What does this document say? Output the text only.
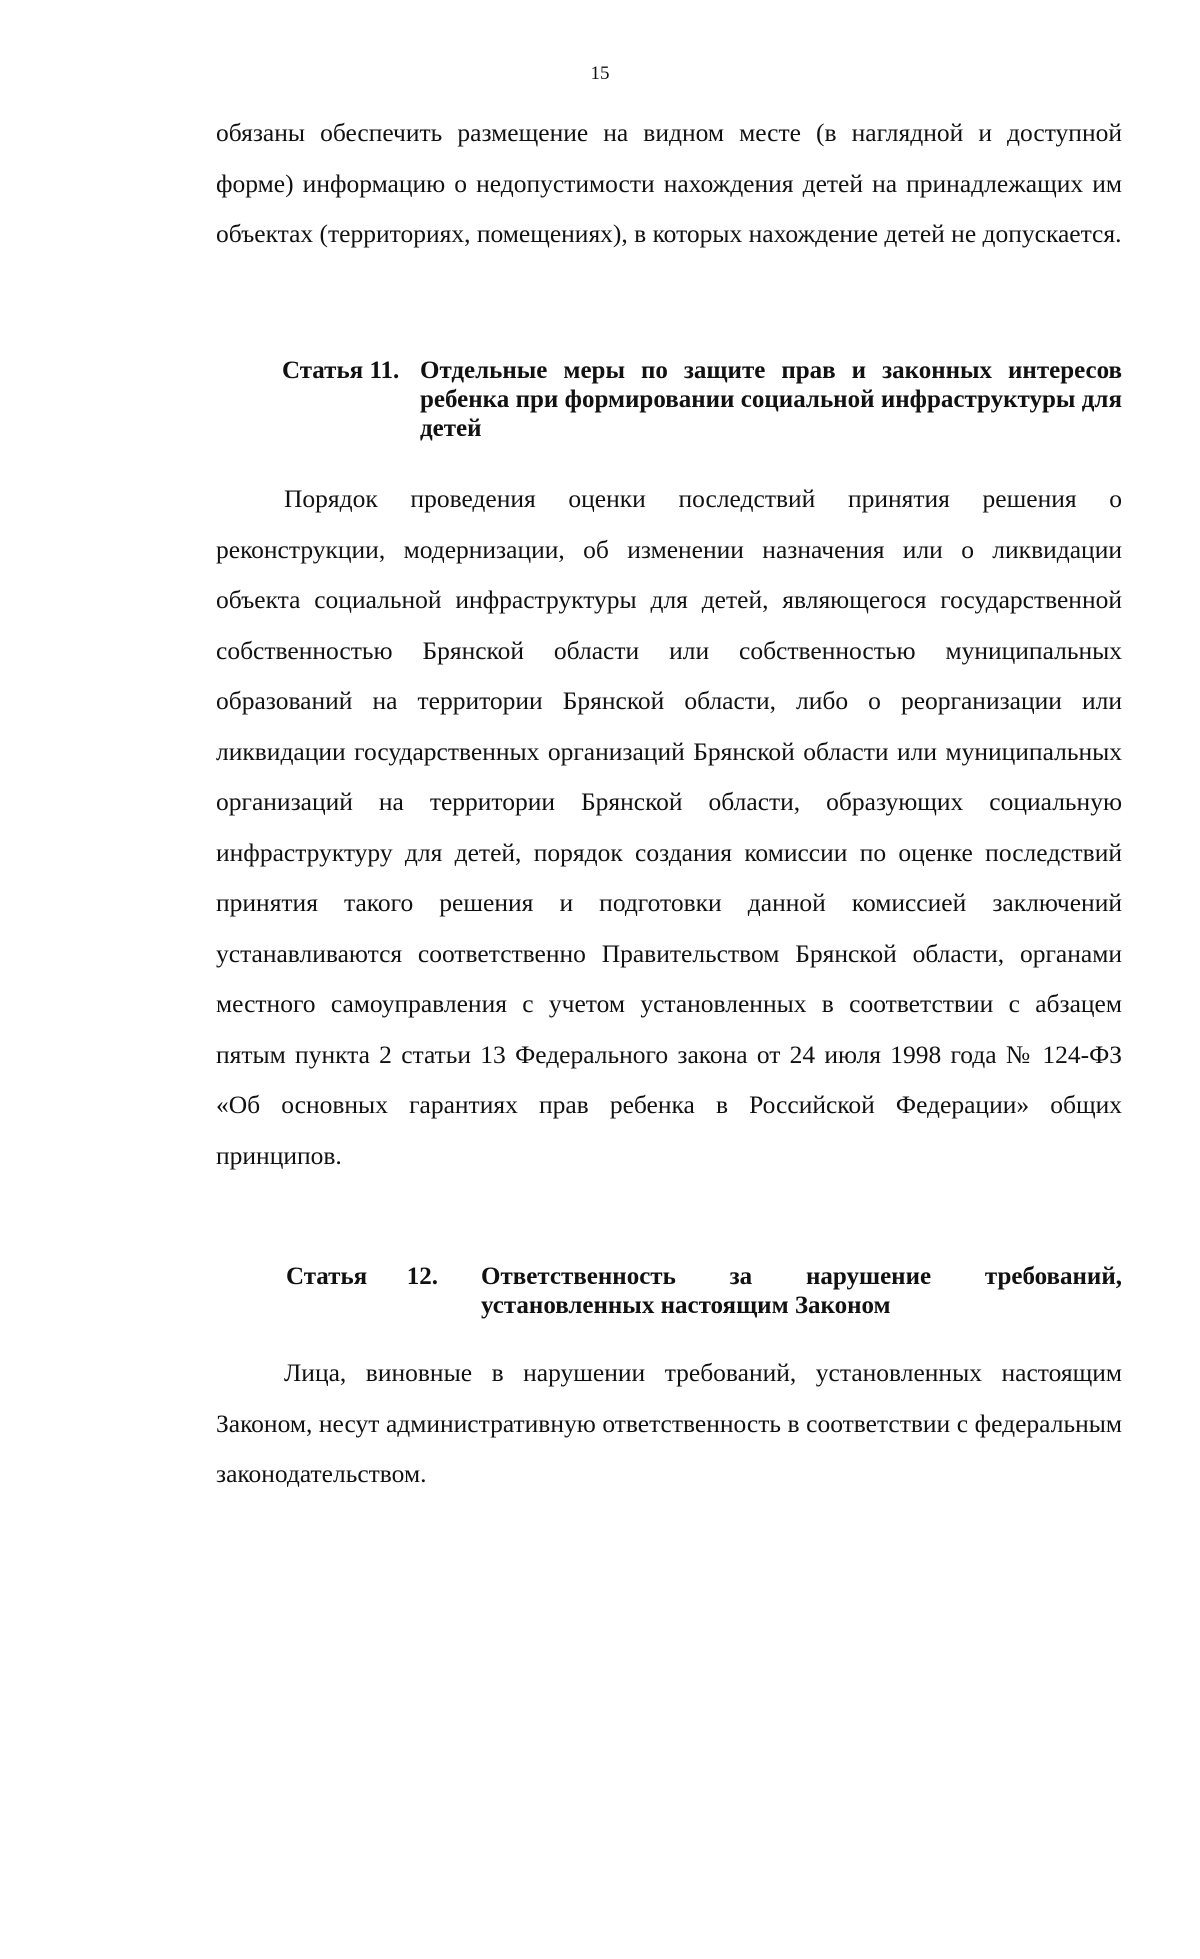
15

обязаны обеспечить размещение на видном месте (в наглядной и доступной форме) информацию о недопустимости нахождения детей на принадлежащих им объектах (территориях, помещениях), в которых нахождение детей не допускается.

Статья 11. Отдельные меры по защите прав и законных интересов ребенка при формировании социальной инфраструктуры для детей

Порядок проведения оценки последствий принятия решения о реконструкции, модернизации, об изменении назначения или о ликвидации объекта социальной инфраструктуры для детей, являющегося государственной собственностью Брянской области или собственностью муниципальных образований на территории Брянской области, либо о реорганизации или ликвидации государственных организаций Брянской области или муниципальных организаций на территории Брянской области, образующих социальную инфраструктуру для детей, порядок создания комиссии по оценке последствий принятия такого решения и подготовки данной комиссией заключений устанавливаются соответственно Правительством Брянской области, органами местного самоуправления с учетом установленных в соответствии с абзацем пятым пункта 2 статьи 13 Федерального закона от 24 июля 1998 года № 124-ФЗ «Об основных гарантиях прав ребенка в Российской Федерации» общих принципов.

Статья 12. Ответственность за нарушение требований, установленных настоящим Законом

Лица, виновные в нарушении требований, установленных настоящим Законом, несут административную ответственность в соответствии с федеральным законодательством.
